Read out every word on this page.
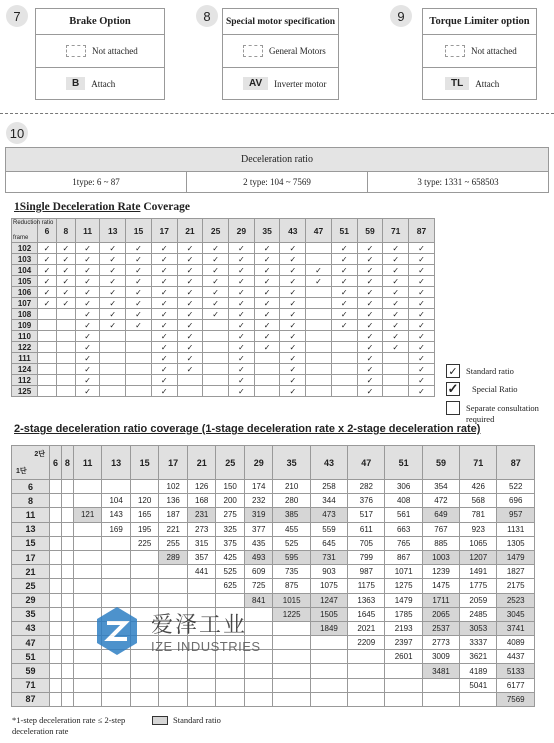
7	Brake Option
Not attached
B	Attach
8	Special motor specification
General Motors
AV	Inverter motor
9	Torque Limiter option
Not attached
TL	Attach
10
Deceleration ratio
1type: 6 ~ 87	2 type: 104 ~ 7569	3 type: 1331 ~ 658503
1Single Deceleration Rate Coverage
Reduction ratio
frame	6	8	11	13	15	17	21	25	29	35	43	47	51	59	71	87
102	✓	✓	✓	✓	✓	✓	✓	✓	✓	✓	✓		✓	✓	✓	✓
103	✓	✓	✓	✓	✓	✓	✓	✓	✓	✓	✓		✓	✓	✓	✓
104	✓	✓	✓	✓	✓	✓	✓	✓	✓	✓	✓	✓	✓	✓	✓	✓
105	✓	✓	✓	✓	✓	✓	✓	✓	✓	✓	✓	✓	✓	✓	✓	✓
106	✓	✓	✓	✓	✓	✓	✓	✓	✓	✓	✓		✓	✓	✓	✓
107	✓	✓	✓	✓	✓	✓	✓	✓	✓	✓	✓		✓	✓	✓	✓
108			✓	✓	✓	✓	✓	✓	✓	✓	✓		✓	✓	✓	✓
109			✓	✓	✓	✓	✓		✓	✓	✓		✓	✓	✓	✓
110			✓			✓	✓		✓	✓	✓			✓	✓	✓
122			✓			✓	✓		✓	✓	✓			✓	✓	✓
111			✓			✓	✓		✓		✓			✓		✓
124			✓			✓	✓		✓		✓			✓		✓
112			✓			✓			✓		✓			✓		✓
125			✓			✓			✓		✓			✓		✓
✓ Standard ratio
✓	Special Ratio
Separate consultation required
2-stage deceleration ratio coverage (1-stage deceleration rate x 2-stage deceleration rate)
2단
1단	6	8	11	13	15	17	21	25	29	35	43	47	51	59	71	87
6						102	126	150	174	210	258	282	306	354	426	522
8				104	120	136	168	200	232	280	344	376	408	472	568	696
11			121	143	165	187	231	275	319	385	473	517	561	649	781	957
13				169	195	221	273	325	377	455	559	611	663	767	923	1131
15					225	255	315	375	435	525	645	705	765	885	1065	1305
17						289	357	425	493	595	731	799	867	1003	1207	1479
21							441	525	609	735	903	987	1071	1239	1491	1827
25								625	725	875	1075	1175	1275	1475	1775	2175
29									841	1015	1247	1363	1479	1711	2059	2523
35										1225	1505	1645	1785	2065	2485	3045
43											1849	2021	2193	2537	3053	3741
47												2209	2397	2773	3337	4089
51													2601	3009	3621	4437
59														3481	4189	5133
71															5041	6177
87																7569
*1-step deceleration rate ≤ 2-step deceleration rate
Standard ratio
爱泽工业
IZE INDUSTRIES
